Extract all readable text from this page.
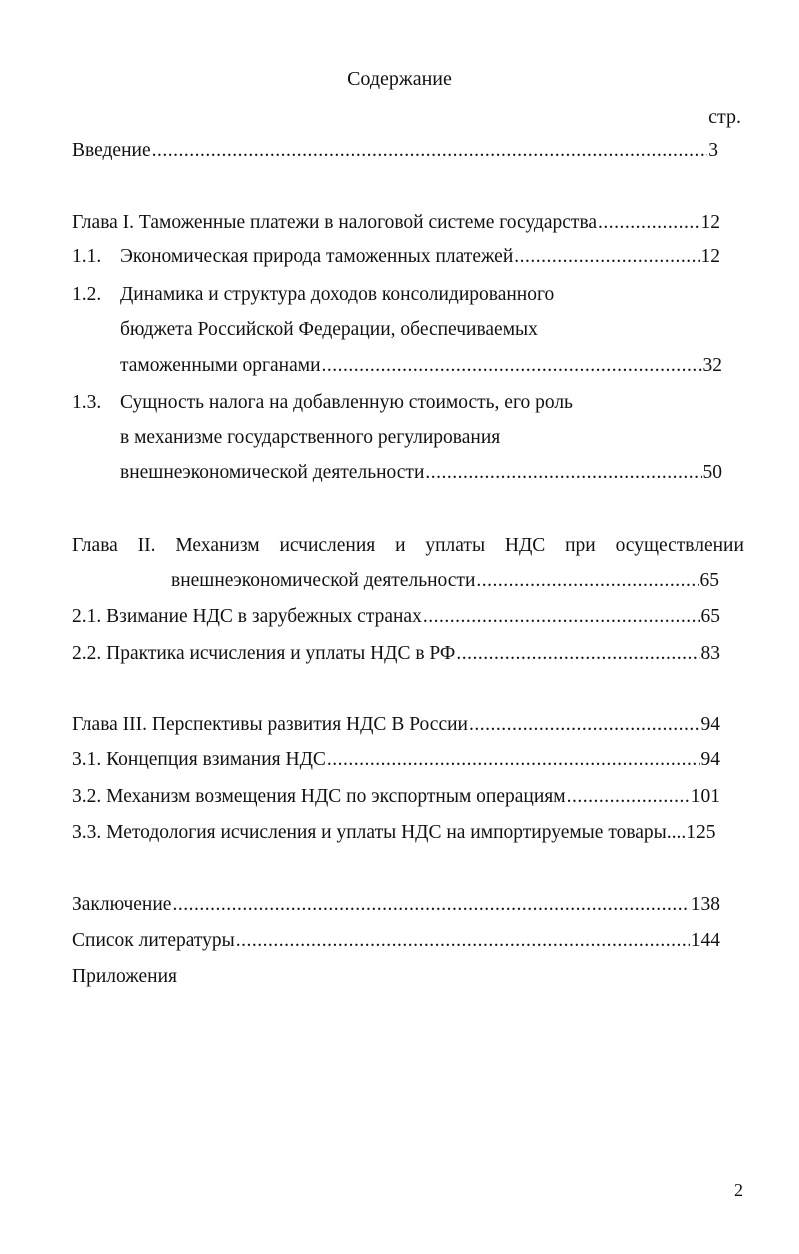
Содержание
стр.
Введение .....	3
Глава I. Таможенные платежи в налоговой системе государства .....	12
1.1. Экономическая природа таможенных платежей .....	12
1.2. Динамика и структура доходов консолидированного
бюджета Российской Федерации, обеспечиваемых
таможенными органами .....	32
1.3. Сущность налога на добавленную стоимость, его роль
в механизме государственного регулирования
внешнеэкономической деятельности .....	50
Глава II. Механизм исчисления и уплаты НДС при осуществлении
внешнеэкономической деятельности .....	65
2.1. Взимание НДС в зарубежных странах .....	65
2.2. Практика исчисления и уплаты НДС в РФ .....	83
Глава III. Перспективы развития НДС В России .....	94
3.1. Концепция взимания НДС .....	94
3.2. Механизм возмещения НДС по экспортным операциям .....	101
3.3. Методология исчисления и уплаты НДС на импортируемые товары....125
Заключение .....	138
Список литературы .....	144
Приложения
2
